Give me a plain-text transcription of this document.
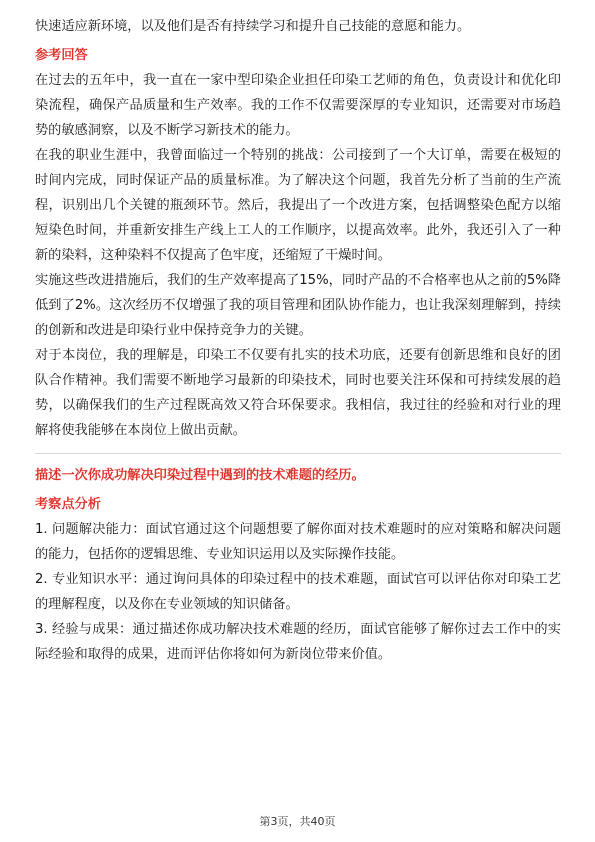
快速适应新环境，以及他们是否有持续学习和提升自己技能的意愿和能力。

参考回答

在过去的五年中，我一直在一家中型印染企业担任印染工艺师的角色，负责设计和优化印染流程，确保产品质量和生产效率。我的工作不仅需要深厚的专业知识，还需要对市场趋势的敏感洞察，以及不断学习新技术的能力。

在我的职业生涯中，我曾面临过一个特别的挑战：公司接到了一个大订单，需要在极短的时间内完成，同时保证产品的质量标准。为了解决这个问题，我首先分析了当前的生产流程，识别出几个关键的瓶颈环节。然后，我提出了一个改进方案，包括调整染色配方以缩短染色时间，并重新安排生产线上工人的工作顺序，以提高效率。此外，我还引入了一种新的染料，这种染料不仅提高了色牢度，还缩短了干燥时间。

实施这些改进措施后，我们的生产效率提高了15%，同时产品的不合格率也从之前的5%降低到了2%。这次经历不仅增强了我的项目管理和团队协作能力，也让我深刻理解到，持续的创新和改进是印染行业中保持竞争力的关键。

对于本岗位，我的理解是，印染工不仅要有扎实的技术功底，还要有创新思维和良好的团队合作精神。我们需要不断地学习最新的印染技术，同时也要关注环保和可持续发展的趋势，以确保我们的生产过程既高效又符合环保要求。我相信，我过往的经验和对行业的理解将使我能够在本岗位上做出贡献。

描述一次你成功解决印染过程中遇到的技术难题的经历。

考察点分析

1. 问题解决能力：面试官通过这个问题想要了解你面对技术难题时的应对策略和解决问题的能力，包括你的逻辑思维、专业知识运用以及实际操作技能。

2. 专业知识水平：通过询问具体的印染过程中的技术难题，面试官可以评估你对印染工艺的理解程度，以及你在专业领域的知识储备。

3. 经验与成果：通过描述你成功解决技术难题的经历，面试官能够了解你过去工作中的实际经验和取得的成果，进而评估你将如何为新岗位带来价值。

第3页，共40页
